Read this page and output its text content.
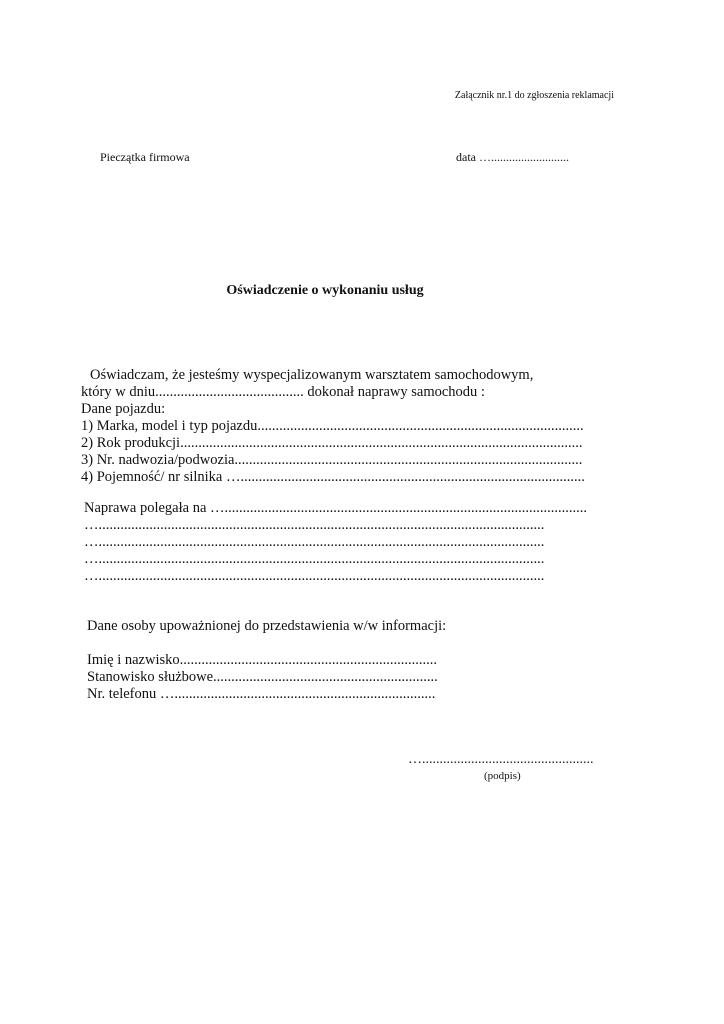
Załącznik nr.1 do zgłoszenia reklamacji
Pieczątka firmowa	data …..........................
Oświadczenie o wykonaniu usług
Oświadczam, że jesteśmy wyspecjalizowanym warsztatem samochodowym,
który w dniu......................................... dokonał naprawy samochodu :
Dane pojazdu:
1) Marka, model i typ pojazdu..........................................................................................
2) Rok produkcji...............................................................................................................
3) Nr. nadwozia/podwozia................................................................................................
4) Pojemność/ nr silnika …...............................................................................................
Naprawa polegała na …....................................................................................................
…...........................................................................................................................
…...........................................................................................................................
…...........................................................................................................................
…...........................................................................................................................
Dane osoby upoważnionej do przedstawienia w/w informacji:
Imię i nazwisko.......................................................................
Stanowisko służbowe..............................................................
Nr. telefonu …........................................................................
….................................................
(podpis)
